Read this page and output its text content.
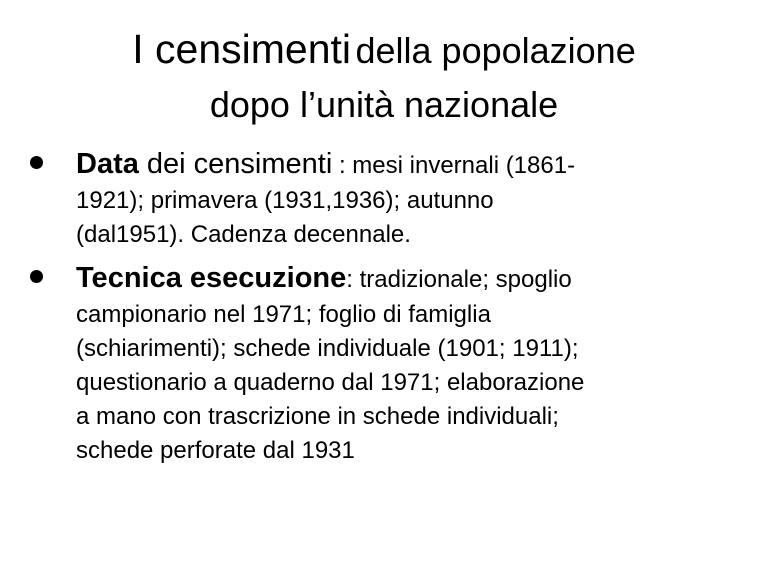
I censimenti della popolazione
dopo l’unità nazionale
Data dei censimenti : mesi invernali (1861-
1921); primavera (1931,1936); autunno
(dal1951). Cadenza decennale.
Tecnica esecuzione: tradizionale; spoglio
campionario nel 1971; foglio di famiglia
(schiarimenti); schede individuale (1901; 1911);
questionario a quaderno dal 1971; elaborazione
a mano con trascrizione in schede individuali;
schede perforate dal 1931
